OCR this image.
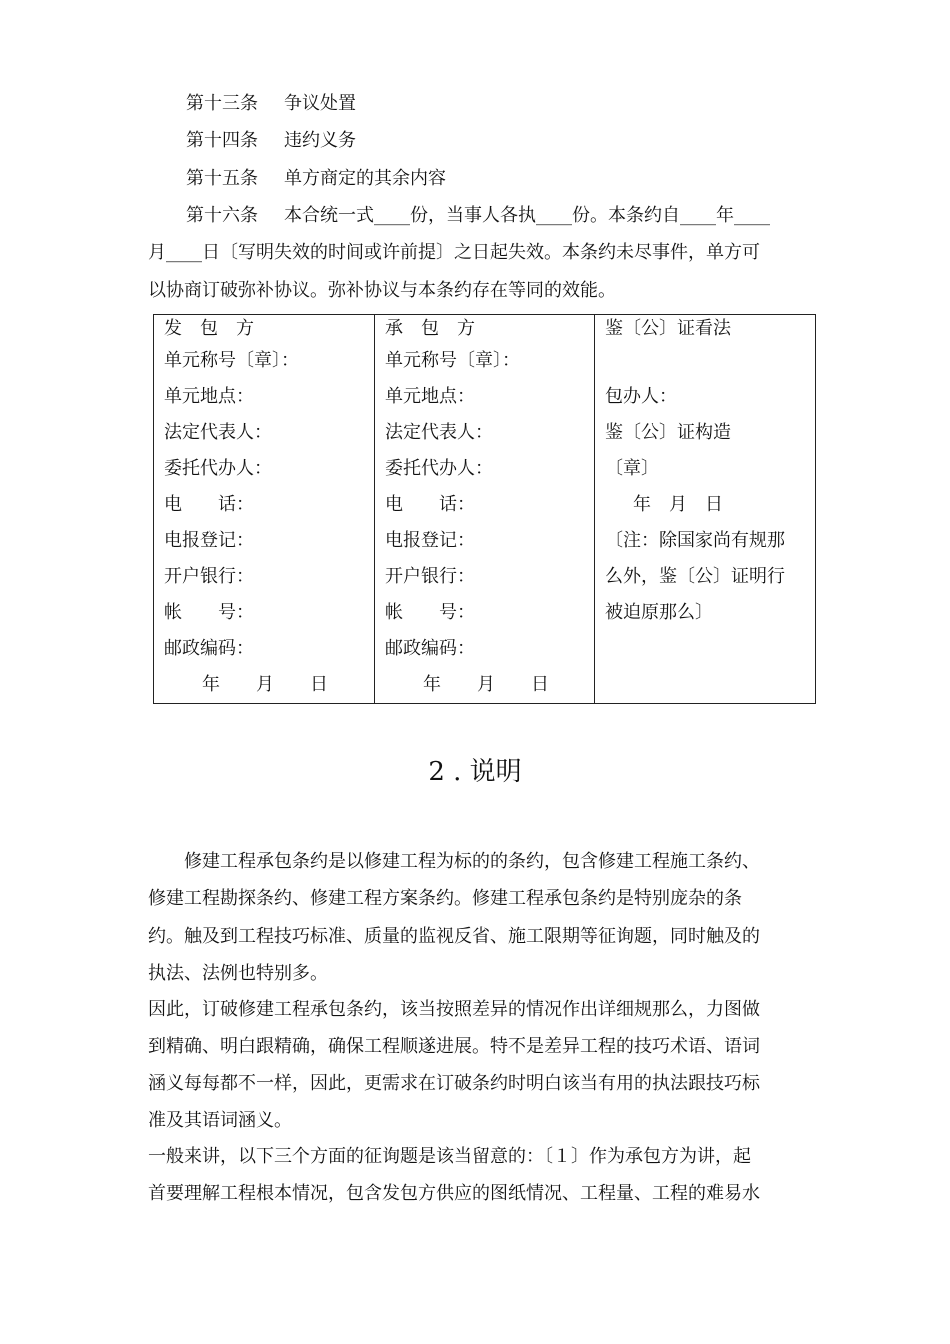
第十三条 争议处置
第十四条 违约义务
第十五条 单方商定的其余内容
第十六条 本合统一式____份，当事人各执____份。本条约自____年____
月____日〔写明失效的时间或许前提〕之日起失效。本条约未尽事件，单方可
以协商订破弥补协议。弥补协议与本条约存在等同的效能。
发　包　方
单元称号〔章〕：
单元地点：
法定代表人：
委托代办人：
电　　话：
电报登记：
开户银行：
帐　　号：
邮政编码：
年　　月　　日

承　包　方
单元称号〔章〕：
单元地点：
法定代表人：
委托代办人：
电　　话：
电报登记：
开户银行：
帐　　号：
邮政编码：
年　　月　　日

鉴〔公〕证看法
包办人：
鉴〔公〕证构造
〔章〕
年　月　日
〔注：除国家尚有规那
么外，鉴〔公〕证明行
被迫原那么〕
2 . 说明
　　修建工程承包条约是以修建工程为标的的条约，包含修建工程施工条约、
修建工程勘探条约、修建工程方案条约。修建工程承包条约是特别庞杂的条
约。触及到工程技巧标准、质量的监视反省、施工限期等征询题，同时触及的
执法、法例也特别多。
因此，订破修建工程承包条约，该当按照差异的情况作出详细规那么，力图做
到精确、明白跟精确，确保工程顺遂进展。特不是差异工程的技巧术语、语词
涵义每每都不一样，因此，更需求在订破条约时明白该当有用的执法跟技巧标
准及其语词涵义。
一般来讲，以下三个方面的征询题是该当留意的：〔１〕作为承包方为讲，起
首要理解工程根本情况，包含发包方供应的图纸情况、工程量、工程的难易水
